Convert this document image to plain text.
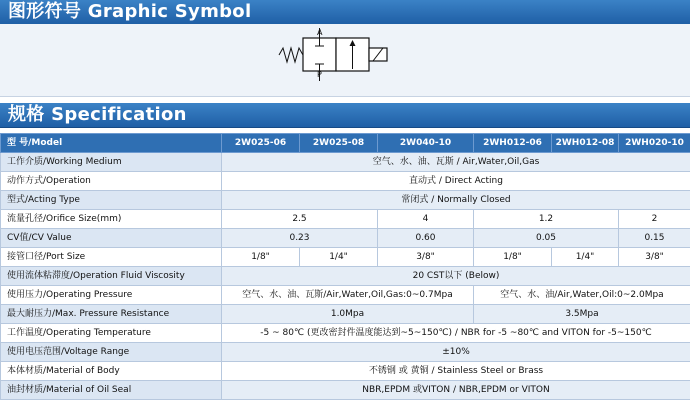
图形符号 Graphic Symbol
A
P
规格 Specification
型 号/Model	2W025-06	2W025-08	2W040-10	2WH012-06	2WH012-08	2WH020-10
工作介质/Working Medium	空气、水、油、瓦斯 / Air,Water,Oil,Gas					
动作方式/Operation	直动式 / Direct Acting					
型式/Acting Type	常闭式 / Normally Closed					
流量孔径/Orifice Size(mm)	2.5		4	1.2		2
CV值/CV Value	0.23		0.60	0.05		0.15
接管口径/Port Size	1/8"	1/4"	3/8"	1/8"	1/4"	3/8"
使用流体粘滞度/Operation Fluid Viscosity	20 CST以下 (Below)					
使用压力/Operating Pressure	空气、水、油、瓦斯/Air,Water,Oil,Gas:0~0.7Mpa			空气、水、油/Air,Water,Oil:0~2.0Mpa		
最大耐压力/Max. Pressure Resistance	1.0Mpa			3.5Mpa		
工作温度/Operating Temperature	-5 ~ 80℃ (更改密封件温度能达到~5~150℃) / NBR for -5 ~80℃ and VITON for -5~150℃					
使用电压范围/Voltage Range	±10%					
本体材质/Material of Body	不锈钢 或 黄铜 / Stainless Steel or Brass					
油封材质/Material of Oil Seal	NBR,EPDM 或VITON / NBR,EPDM or VITON					
